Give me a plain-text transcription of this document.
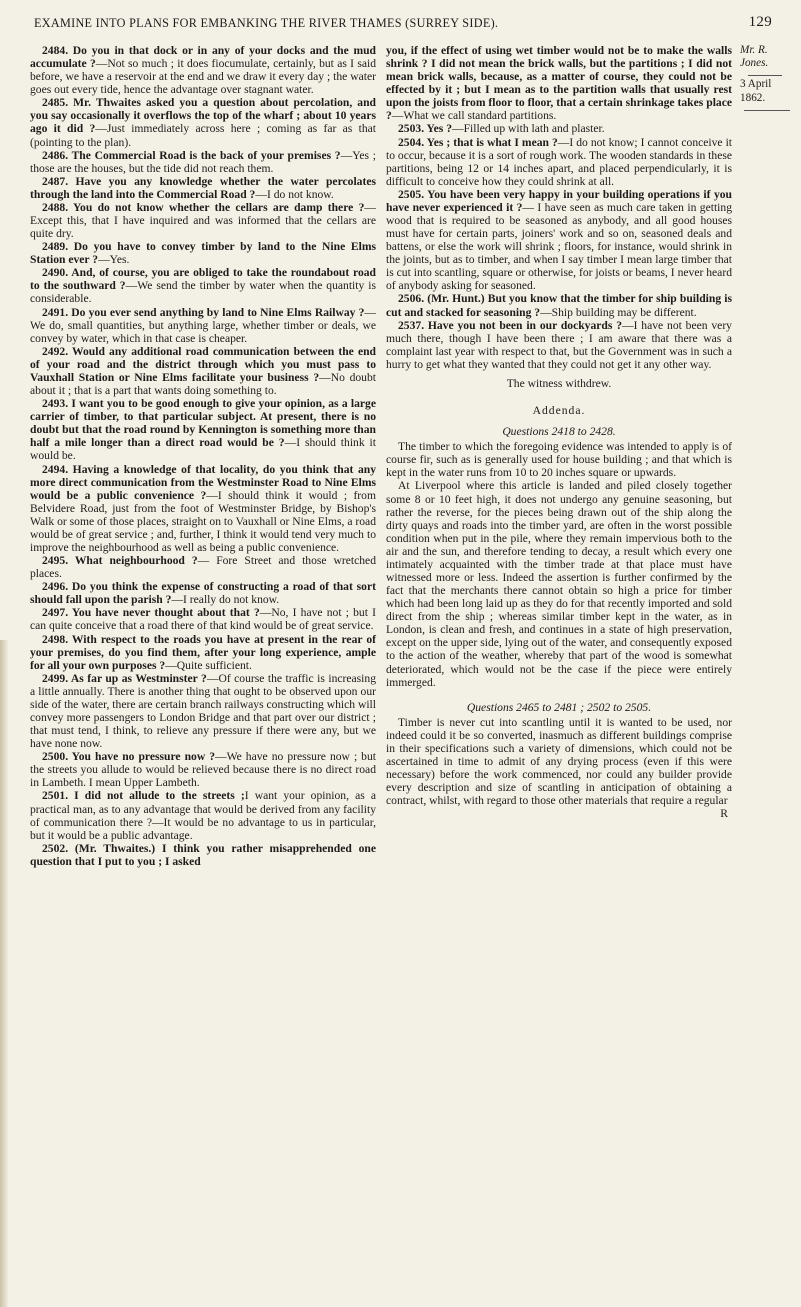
EXAMINE INTO PLANS FOR EMBANKING THE RIVER THAMES (SURREY SIDE).	129
Mr. R. Jones.
3 April 1862.

2484. Do you in that dock or in any of your docks and the mud accumulate ?—Not so much ; it does fiocumulate, certainly, but as I said before, we have a reservoir at the end and we draw it every day ; the water goes out every tide, hence the advantage over stagnant water.

2485. Mr. Thwaites asked you a question about percolation, and you say occasionally it overflows the top of the wharf ; about 10 years ago it did ?—Just immediately across here ; coming as far as that (pointing to the plan).

2486. The Commercial Road is the back of your premises ?—Yes ; those are the houses, but the tide did not reach them.

2487. Have you any knowledge whether the water percolates through the land into the Commercial Road ?—I do not know.

2488. You do not know whether the cellars are damp there ?—Except this, that I have inquired and was informed that the cellars are quite dry.

2489. Do you have to convey timber by land to the Nine Elms Station ever ?—Yes.

2490. And, of course, you are obliged to take the roundabout road to the southward ?—We send the timber by water when the quantity is considerable.

2491. Do you ever send anything by land to Nine Elms Railway ?—We do, small quantities, but anything large, whether timber or deals, we convey by water, which in that case is cheaper.

2492. Would any additional road communication between the end of your road and the district through which you must pass to Vauxhall Station or Nine Elms facilitate your business ?—No doubt about it ; that is a part that wants doing something to.

2493. I want you to be good enough to give your opinion, as a large carrier of timber, to that particular subject. At present, there is no doubt but that the road round by Kennington is something more than half a mile longer than a direct road would be ?—I should think it would be.

2494. Having a knowledge of that locality, do you think that any more direct communication from the Westminster Road to Nine Elms would be a public convenience ?—I should think it would ; from Belvidere Road, just from the foot of Westminster Bridge, by Bishop's Walk or some of those places, straight on to Vauxhall or Nine Elms, a road would be of great service ; and, further, I think it would tend very much to improve the neighbourhood as well as being a public convenience.

2495. What neighbourhood ?— Fore Street and those wretched places.

2496. Do you think the expense of constructing a road of that sort should fall upon the parish ?—I really do not know.

2497. You have never thought about that ?—No, I have not ; but I can quite conceive that a road there of that kind would be of great service.

2498. With respect to the roads you have at present in the rear of your premises, do you find them, after your long experience, ample for all your own purposes ?—Quite sufficient.

2499. As far up as Westminster ?—Of course the traffic is increasing a little annually. There is another thing that ought to be observed upon our side of the water, there are certain branch railways constructing which will convey more passengers to London Bridge and that part over our district ; that must tend, I think, to relieve any pressure if there were any, but we have none now.

2500. You have no pressure now ?—We have no pressure now ; but the streets you allude to would be relieved because there is no direct road in Lambeth. I mean Upper Lambeth.

2501. I did not allude to the streets ;I want your opinion, as a practical man, as to any advantage that would be derived from any facility of communication there ?—It would be no advantage to us in particular, but it would be a public advantage.

2502. (Mr. Thwaites.) I think you rather misapprehended one question that I put to you ; I asked

you, if the effect of using wet timber would not be to make the walls shrink ? I did not mean the brick walls, but the partitions ; I did not mean brick walls, because, as a matter of course, they could not be effected by it ; but I mean as to the partition walls that usually rest upon the joists from floor to floor, that a certain shrinkage takes place ?—What we call standard partitions.

2503. Yes ?—Filled up with lath and plaster.

2504. Yes ; that is what I mean ?—I do not know; I cannot conceive it to occur, because it is a sort of rough work. The wooden standards in these partitions, being 12 or 14 inches apart, and placed perpendicularly, it is difficult to conceive how they could shrink at all.

2505. You have been very happy in your building operations if you have never experienced it ?— I have seen as much care taken in getting wood that is required to be seasoned as anybody, and all good houses must have for certain parts, joiners' work and so on, seasoned deals and battens, or else the work will shrink ; floors, for instance, would shrink in the joints, but as to timber, and when I say timber I mean large timber that is cut into scantling, square or otherwise, for joists or beams, I never heard of anybody asking for seasoned.

2506. (Mr. Hunt.) But you know that the timber for ship building is cut and stacked for seasoning ?—Ship building may be different.

2537. Have you not been in our dockyards ?—I have not been very much there, though I have been there ; I am aware that there was a complaint last year with respect to that, but the Government was in such a hurry to get what they wanted that they could not get it any other way.

The witness withdrew.

Addenda.

Questions 2418 to 2428.

The timber to which the foregoing evidence was intended to apply is of course fir, such as is generally used for house building ; and that which is kept in the water runs from 10 to 20 inches square or upwards.

At Liverpool where this article is landed and piled closely together some 8 or 10 feet high, it does not undergo any genuine seasoning, but rather the reverse, for the pieces being drawn out of the ship along the dirty quays and roads into the timber yard, are often in the worst possible condition when put in the pile, where they remain impervious both to the air and the sun, and therefore tending to decay, a result which every one intimately acquainted with the timber trade at that place must have witnessed more or less. Indeed the assertion is further confirmed by the fact that the merchants there cannot obtain so high a price for timber which had been long laid up as they do for that recently imported and sold direct from the ship ; whereas similar timber kept in the water, as in London, is clean and fresh, and continues in a state of high preservation, except on the upper side, lying out of the water, and consequently exposed to the action of the weather, whereby that part of the wood is somewhat deteriorated, which would not be the case if the piece were entirely immerged.

Questions 2465 to 2481 ; 2502 to 2505.

Timber is never cut into scantling until it is wanted to be used, nor indeed could it be so converted, inasmuch as different buildings comprise in their specifications such a variety of dimensions, which could not be ascertained in time to admit of any drying process (even if this were necessary) before the work commenced, nor could any builder provide every description and size of scantling in anticipation of obtaining a contract, whilst, with regard to those other materials that require a regular

R
